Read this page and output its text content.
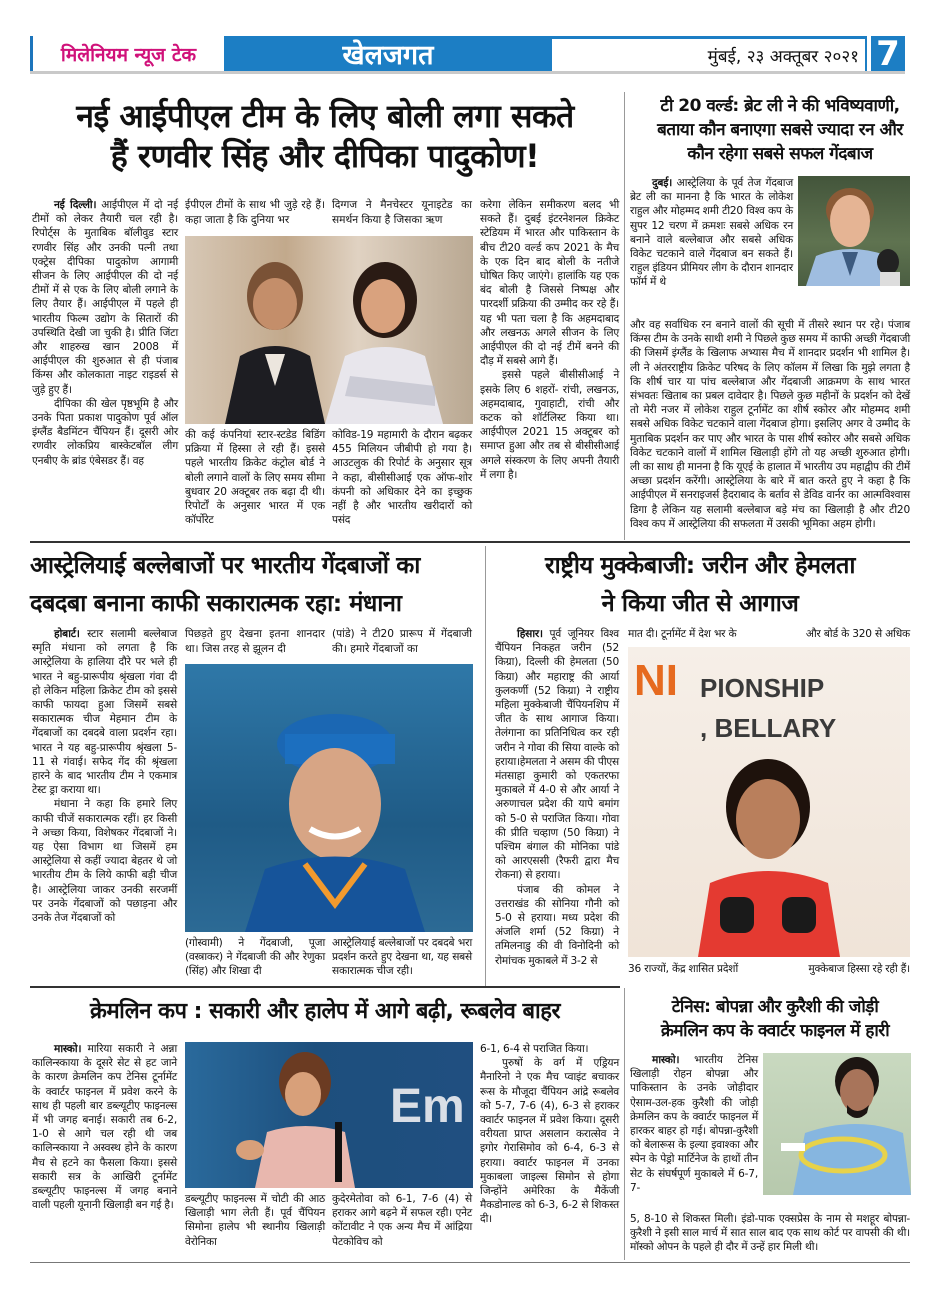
मिलेनियम न्यूज टेक	खेलजगत	मुंबई, २३ अक्तूबर २०२१ 7
नई आईपीएल टीम के लिए बोली लगा सकते
हैं रणवीर सिंह और दीपिका पादुकोण!

नई दिल्ली। आईपीएल में दो नई टीमों को लेकर तैयारी चल रही है। रिपोर्ट्स के मुताबिक बॉलीवुड स्टार रणवीर सिंह और उनकी पत्नी तथा एक्ट्रेस दीपिका पादुकोण आगामी सीजन के लिए आईपीएल की दो नई टीमों में से एक के लिए बोली लगाने के लिए तैयार हैं। आईपीएल में पहले ही भारतीय फिल्म उद्योग के सितारों की उपस्थिति देखी जा चुकी है। प्रीति जिंटा और शाहरुख खान 2008 में आईपीएल की शुरुआत से ही पंजाब किंग्स और कोलकाता नाइट राइडर्स से जुड़े हुए हैं।

दीपिका की खेल पृष्ठभूमि है और उनके पिता प्रकाश पादुकोण पूर्व ऑल इंग्लैंड बैडमिंटन चैंपियन हैं। दूसरी ओर रणवीर लोकप्रिय बास्केटबॉल लीग एनबीए के ब्रांड एंबेसडर हैं। वह

ईपीएल टीमों के साथ भी जुड़े रहे हैं। कहा जाता है कि दुनिया भर
दिग्गज ने मैनचेस्टर यूनाइटेड का समर्थन किया है जिसका ऋण
की कई कंपनियां स्टार-स्टडेड बिडिंग प्रक्रिया में हिस्सा ले रही हैं। इससे पहले भारतीय क्रिकेट कंट्रोल बोर्ड ने बोली लगाने वालों के लिए समय सीमा बुधवार 20 अक्टूबर तक बढ़ा दी थी। रिपोर्टों के अनुसार भारत में एक कॉर्पोरेट
कोविड-19 महामारी के दौरान बढ़कर 455 मिलियन जीबीपी हो गया है। आउटलुक की रिपोर्ट के अनुसार सूत्र ने कहा, बीसीसीआई एक ऑफ-शोर कंपनी को अधिकार देने का इच्छुक नहीं है और भारतीय खरीदारों को पसंद

करेगा लेकिन समीकरण बलद भी सकते हैं। दुबई इंटरनेशनल क्रिकेट स्टेडियम में भारत और पाकिस्तान के बीच टी20 वर्ल्ड कप 2021 के मैच के एक दिन बाद बोली के नतीजे घोषित किए जाएंगे। हालांकि यह एक बंद बोली है जिससे निष्पक्ष और पारदर्शी प्रक्रिया की उम्मीद कर रहे हैं। यह भी पता चला है कि अहमदाबाद और लखनऊ अगले सीजन के लिए आईपीएल की दो नई टीमें बनने की दौड़ में सबसे आगे हैं।

इससे पहले बीसीसीआई ने इसके लिए 6 शहरों- रांची, लखनऊ, अहमदाबाद, गुवाहाटी, रांची और कटक को शॉर्टलिस्ट किया था। आईपीएल 2021 15 अक्टूबर को समाप्त हुआ और तब से बीसीसीआई अगले संस्करण के लिए अपनी तैयारी में लगा है।

टी 20 वर्ल्ड: ब्रेट ली ने की भविष्यवाणी,
बताया कौन बनाएगा सबसे ज्यादा रन और
कौन रहेगा सबसे सफल गेंदबाज

दुबई। आस्ट्रेलिया के पूर्व तेज गेंदबाज ब्रेट ली का मानना है कि भारत के लोकेश राहुल और मोहम्मद शमी टी20 विश्व कप के सुपर 12 चरण में क्रमशः सबसे अधिक रन बनाने वाले बल्लेबाज और सबसे अधिक विकेट चटकाने वाले गेंदबाज बन सकते हैं। राहुल इंडियन प्रीमियर लीग के दौरान शानदार फॉर्म में थे

और वह सर्वाधिक रन बनाने वालों की सूची में तीसरे स्थान पर रहे। पंजाब किंग्स टीम के उनके साथी शमी ने पिछले कुछ समय में काफी अच्छी गेंदबाजी की जिसमें इंग्लैंड के खिलाफ अभ्यास मैच में शानदार प्रदर्शन भी शामिल है। ली ने अंतरराष्ट्रीय क्रिकेट परिषद के लिए कॉलम में लिखा कि मुझे लगता है कि शीर्ष चार या पांच बल्लेबाज और गेंदबाजी आक्रमण के साथ भारत संभवतः खिताब का प्रबल दावेदार है। पिछले कुछ महीनों के प्रदर्शन को देखें तो मेरी नजर में लोकेश राहुल टूर्नामेंट का शीर्ष स्कोरर और मोहम्मद शमी सबसे अधिक विकेट चटकाने वाला गेंदबाज होगा। इसलिए अगर वे उम्मीद के मुताबिक प्रदर्शन कर पाए और भारत के पास शीर्ष स्कोरर और सबसे अधिक विकेट चटकाने वालों में शामिल खिलाड़ी होंगे तो यह अच्छी शुरुआत होगी। ली का साथ ही मानना है कि यूएई के हालात में भारतीय उप महाद्वीप की टीमें अच्छा प्रदर्शन करेंगी। आस्ट्रेलिया के बारे में बात करते हुए ने कहा है कि आईपीएल में सनराइजर्स हैदराबाद के बर्ताव से डेविड वार्नर का आत्मविश्वास डिगा है लेकिन यह सलामी बल्लेबाज बड़े मंच का खिलाड़ी है और टी20 विश्व कप में आस्ट्रेलिया की सफलता में उसकी भूमिका अहम होगी।
आस्ट्रेलियाई बल्लेबाजों पर भारतीय गेंदबाजों का
दबदबा बनाना काफी सकारात्मक रहा: मंधाना

होबार्ट। स्टार सलामी बल्लेबाज स्मृति मंधाना को लगता है कि आस्ट्रेलिया के हालिया दौरे पर भले ही भारत ने बहु-प्रारूपीय श्रृंखला गंवा दी हो लेकिन महिला क्रिकेट टीम को इससे काफी फायदा हुआ जिसमें सबसे सकारात्मक चीज मेहमान टीम के गेंदबाजों का दबदबे वाला प्रदर्शन रहा। भारत ने यह बहु-प्रारूपीय श्रृंखला 5-11 से गंवाई। सफेद गेंद की श्रृंखला हारने के बाद भारतीय टीम ने एकमात्र टेस्ट ड्रा कराया था।

मंधाना ने कहा कि हमारे लिए काफी चीजें सकारात्मक रहीं। हर किसी ने अच्छा किया, विशेषकर गेंदबाजों ने। यह ऐसा विभाग था जिसमें हम आस्ट्रेलिया से कहीं ज्यादा बेहतर थे जो भारतीय टीम के लिये काफी बड़ी चीज है। आस्ट्रेलिया जाकर उनकी सरजमीं पर उनके गेंदबाजों को पछाड़ना और उनके तेज गेंदबाजों को

पिछड़ते हुए देखना इतना शानदार था। जिस तरह से झूलन दी
(पांडे) ने टी20 प्रारूप में गेंदबाजी की। हमारे गेंदबाजों का
(गोस्वामी) ने गेंदबाजी, पूजा (वस्त्राकर) ने गेंदबाजी की और रेणुका (सिंह) और शिखा दी
आस्ट्रेलियाई बल्लेबाजों पर दबदबे भरा प्रदर्शन करते हुए देखना था, यह सबसे सकारात्मक चीज रही।
राष्ट्रीय मुक्केबाजी: जरीन और हेमलता
ने किया जीत से आगाज

हिसार। पूर्व जूनियर विश्व चैंपियन निकहत जरीन (52 किग्रा), दिल्ली की हेमलता (50 किग्रा) और महाराष्ट्र की आर्या कुलकर्णी (52 किग्रा) ने राष्ट्रीय महिला मुक्केबाजी चैंपियनशिप में जीत के साथ आगाज किया। तेलंगाना का प्रतिनिधित्व कर रही जरीन ने गोवा की सिया वाल्के को हराया।हेमलता ने असम की पीएस मंतसाहा कुमारी को एकतरफा मुकाबले में 4-0 से और आर्या ने अरुणाचल प्रदेश की यापे बमांग को 5-0 से पराजित किया। गोवा की प्रीति चव्हाण (50 किग्रा) ने पश्चिम बंगाल की मोनिका पांडे को आरएससी (रैफरी द्वारा मैच रोकना) से हराया।

पंजाब की कोमल ने उत्तराखंड की सोनिया गौनी को 5-0 से हराया। मध्य प्रदेश की अंजलि शर्मा (52 किग्रा) ने तमिलनाडु की वी विनोदिनी को रोमांचक मुकाबले में 3-2 से

मात दी। टूर्नामेंट में देश भर के	और बोर्ड के 320 से अधिक
NI PIONSHIP
, BELLARY
36 राज्यों, केंद्र शासित प्रदेशों	मुक्केबाज हिस्सा रहे रही हैं।
क्रेमलिन कप : सकारी और हालेप में आगे बढ़ी, रूबलेव बाहर

मास्को। मारिया सकारी ने अन्ना कालिन्स्काया के दूसरे सेट से हट जाने के कारण क्रेमलिन कप टेनिस टूर्नामेंट के क्वार्टर फाइनल में प्रवेश करने के साथ ही पहली बार डब्ल्यूटीए फाइनल्स में भी जगह बनाई। सकारी तब 6-2, 1-0 से आगे चल रही थी जब कालिन्स्काया ने अस्वस्थ होने के कारण मैच से हटने का फैसला किया। इससे सकारी सत्र के आखिरी टूर्नामेंट डब्ल्यूटीए फाइनल्स में जगह बनाने वाली पहली यूनानी खिलाड़ी बन गई है।

Em
डब्ल्यूटीए फाइनल्स में चोटी की आठ खिलाड़ी भाग लेती हैं। पूर्व चैंपियन सिमोना हालेप भी स्थानीय खिलाड़ी वेरोनिका
कुदेरमेतोवा को 6-1, 7-6 (4) से हराकर आगे बढ़ने में सफल रही। एनेट कोंटावीट ने एक अन्य मैच में आंद्रिया पेटकोविच को

6-1, 6-4 से पराजित किया।

पुरुषों के वर्ग में एड्रियन मैनारिनो ने एक मैच प्वाइंट बचाकर रूस के मौजूदा चैंपियन आंद्रे रूबलेव को 5-7, 7-6 (4), 6-3 से हराकर क्वार्टर फाइनल में प्रवेश किया। दूसरी वरीयता प्राप्त असलान करात्सेव ने इगोर गेरासिमोव को 6-4, 6-3 से हराया। क्वार्टर फाइनल में उनका मुकाबला जाइल्स सिमोन से होगा जिन्होंने अमेरिका के मैकेंजी मैकडोनाल्ड को 6-3, 6-2 से शिकस्त दी।

टेनिस: बोपन्ना और कुरैशी की जोड़ी
क्रेमलिन कप के क्वार्टर फाइनल में हारी

मास्को। भारतीय टेनिस खिलाड़ी रोहन बोपन्ना और पाकिस्तान के उनके जोड़ीदार ऐसाम-उल-हक कुरैशी की जोड़ी क्रेमलिन कप के क्वार्टर फाइनल में हारकर बाहर हो गई। बोपन्ना-कुरैशी को बेलारूस के इल्या इवाश्का और स्पेन के पेड्रो मार्टिनेज के हाथों तीन सेट के संघर्षपूर्ण मुकाबले में 6-7, 7-

5, 8-10 से शिकस्त मिली। इंडो-पाक एक्सप्रेस के नाम से मशहूर बोपन्ना-कुरैशी ने इसी साल मार्च में सात साल बाद एक साथ कोर्ट पर वापसी की थी। मॉस्को ओपन के पहले ही दौर में उन्हें हार मिली थी।
